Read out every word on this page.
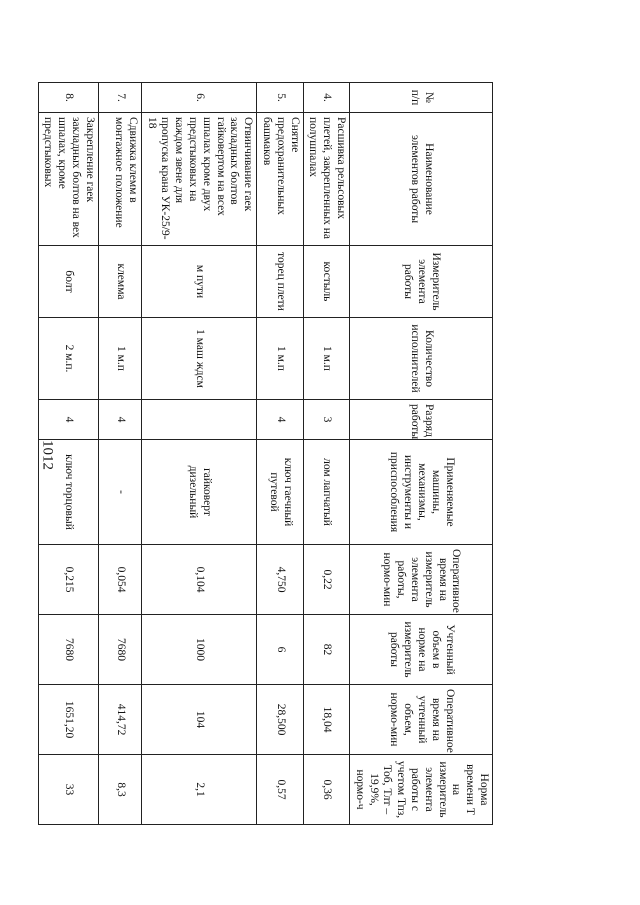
1012
№ п/п	Наименование элементов работы	Измеритель элемента работы	Количество исполнителей	Разряд работы	Применяемые машины, механизмы, инструменты и приспособления	Оперативное время на измеритель элемента работы, нормо-мин	Учтенный объем в норме на измеритель работы	Оперативное время на учтенный объем, нормо-мин	Норма времени Т на измеритель элемента работы с учетом Тпз, Тоб, Тлт – 19,9%, нормо-ч
4.	Расшивка рельсовых плетей, закрепленных на полушпалах	костыль	1 м.п	3	лом лапчатый	0,22	82	18,04	0,36
5.	Снятие предохранительных башмаков	торец плети	1 м.п	4	ключ гаечный путевой	4,750	6	28,500	0,57
6.	Отвинчивание гаек закладных болтов гайковертом на всех шпалах кроме двух предстыковых на каждом звене для пропуска крана УК-25/9-18	м пути	1 маш ждсм		гайковерт дизельный	0,104	1000	104	2,1
7.	Сдвижка клемм в монтажное положение	клемма	1 м.п	4	-	0,054	7680	414,72	8,3
8.	Закрепление гаек закладных болтов на вех шпалах, кроме предстыковых	болт	2 м.п.	4	ключ торцовый	0,215	7680	1651,20	33
